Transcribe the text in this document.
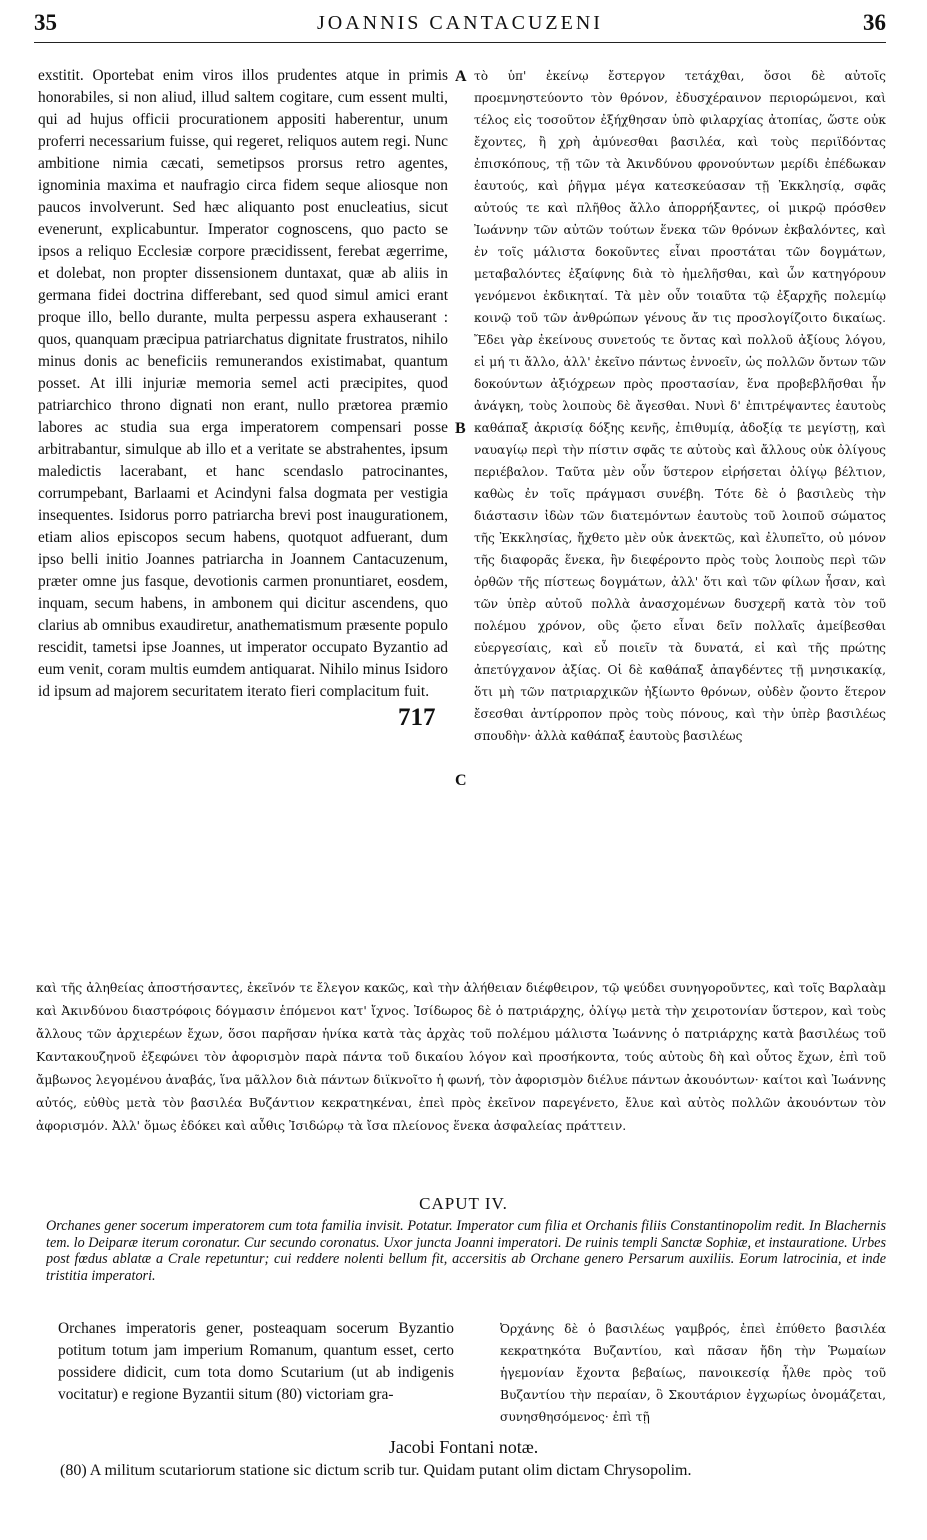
35	JOANNIS CANTACUZENI	36
exstitit. Oportebat enim viros illos prudentes atque in primis honorabiles, si non aliud, illud saltem cogitare, cum essent multi, qui ad hujus officii procurationem appositi haberentur, unum proferri necessarium fuisse, qui regeret, reliquos autem regi. Nunc ambitione nimia cæcati, semetipsos prorsus retro agentes, ignominia maxima et naufragio circa fidem seque aliosque non paucos involverunt. Sed hæc aliquanto post enucleatius, sicut evenerunt, explicabuntur. Imperator cognoscens, quo pacto se ipsos a reliquo Ecclesiæ corpore præcidissent, ferebat ægerrime, et dolebat, non propter dissensionem duntaxat, quæ ab aliis in germana fidei doctrina differebant, sed quod simul amici erant proque illo, bello durante, multa perpessu aspera exhauserant : quos, quanquam præcipua patriarchatus dignitate frustratos, nihilo minus donis ac beneficiis remunerandos existimabat, quantum posset. At illi injuriæ memoria semel acti præcipites, quod patriarchico throno dignati non erant, nullo prætorea præmio labores ac studia sua erga imperatorem compensari posse arbitrabantur, simulque ab illo et a veritate se abstrahentes, ipsum maledictis lacerabant, et hanc scendaslo patrocinantes, corrumpebant, Barlaami et Acindyni falsa dogmata per vestigia insequentes. Isidorus porro patriarcha brevi post inaugurationem, etiam alios episcopos secum habens, quotquot adfuerant, dum ipso belli initio Joannes patriarcha in Joannem Cantacuzenum, præter omne jus fasque, devotionis carmen pronuntiaret, eosdem, inquam, secum habens, in ambonem qui dicitur ascendens, quo clarius ab omnibus exaudiretur, anathematismum præsente populo rescidit, tametsi ipse Joannes, ut imperator occupato Byzantio ad eum venit, coram multis eumdem antiquarat. Nihilo minus Isidoro id ipsum ad majorem securitatem iterato fieri complacitum fuit.
A
B
C
717
τὸ ὑπ' ἐκείνῳ ἔστεργον τετάχθαι, ὅσοι δὲ αὐτοῖς προεμνηστεύοντο τὸν θρόνον, ἐδυσχέραινον περιορώμενοι, καὶ τέλος εἰς τοσοῦτον ἐξήχθησαν ὑπὸ φιλαρχίας ἀτοπίας, ὥστε οὐκ ἔχοντες, ἢ χρὴ ἀμύνεσθαι βασιλέα, καὶ τοὺς περιϊδόντας ἐπισκόπους, τῇ τῶν τὰ Ἀκινδύνου φρονούντων μερίδι ἐπέδωκαν ἑαυτούς, καὶ ῥῆγμα μέγα κατεσκεύασαν τῇ Ἐκκλησίᾳ, σφᾶς αὐτούς τε καὶ πλῆθος ἄλλο ἀπορρήξαντες, οἱ μικρῷ πρόσθεν Ἰωάννην τῶν αὐτῶν τούτων ἕνεκα τῶν θρόνων ἐκβαλόντες, καὶ ἐν τοῖς μάλιστα δοκοῦντες εἶναι προστάται τῶν δογμάτων, μεταβαλόντες ἐξαίφνης διὰ τὸ ἠμελῆσθαι, καὶ ὧν κατηγόρουν γενόμενοι ἐκδικηταί. Τὰ μὲν οὖν τοιαῦτα τῷ ἐξαρχῆς πολεμίῳ κοινῷ τοῦ τῶν ἀνθρώπων γένους ἄν τις προσλογίζοιτο δικαίως. Ἔδει γὰρ ἐκείνους συνετούς τε ὄντας καὶ πολλοῦ ἀξίους λόγου, εἰ μή τι ἄλλο, ἀλλ' ἐκεῖνο πάντως ἐννοεῖν, ὡς πολλῶν ὄντων τῶν δοκούντων ἀξιόχρεων πρὸς προστασίαν, ἕνα προβεβλῆσθαι ἦν ἀνάγκη, τοὺς λοιποὺς δὲ ἄγεσθαι. Νυνὶ δ' ἐπιτρέψαντες ἑαυτοὺς καθάπαξ ἀκρισίᾳ δόξης κενῆς, ἐπιθυμίᾳ, ἀδοξίᾳ τε μεγίστῃ, καὶ ναυαγίῳ περὶ τὴν πίστιν σφᾶς τε αὐτοὺς καὶ ἄλλους οὐκ ὀλίγους περιέβαλον. Ταῦτα μὲν οὖν ὕστερον εἰρήσεται ὀλίγῳ βέλτιον, καθὼς ἐν τοῖς πράγμασι συνέβη. Τότε δὲ ὁ βασιλεὺς τὴν διάστασιν ἰδὼν τῶν διατεμόντων ἑαυτοὺς τοῦ λοιποῦ σώματος τῆς Ἐκκλησίας, ἤχθετο μὲν οὐκ ἀνεκτῶς, καὶ ἐλυπεῖτο, οὐ μόνον τῆς διαφορᾶς ἕνεκα, ἣν διεφέροντο πρὸς τοὺς λοιποὺς περὶ τῶν ὀρθῶν τῆς πίστεως δογμάτων, ἀλλ' ὅτι καὶ τῶν φίλων ἦσαν, καὶ τῶν ὑπὲρ αὐτοῦ πολλὰ ἀνασχομένων δυσχερῆ κατὰ τὸν τοῦ πολέμου χρόνον, οὓς ᾤετο εἶναι δεῖν πολλαῖς ἀμείβεσθαι εὐεργεσίαις, καὶ εὖ ποιεῖν τὰ δυνατά, εἰ καὶ τῆς πρώτης ἀπετύγχανον ἀξίας. Οἱ δὲ καθάπαξ ἀπαγδέντες τῇ μνησικακίᾳ, ὅτι μὴ τῶν πατριαρχικῶν ἠξίωντο θρόνων, οὐδὲν ᾤοντο ἕτερον ἔσεσθαι ἀντίρροπον πρὸς τοὺς πόνους, καὶ τὴν ὑπὲρ βασιλέως σπουδὴν· ἀλλὰ καθάπαξ ἑαυτοὺς βασιλέως
καὶ τῆς ἀληθείας ἀποστήσαντες, ἐκεῖνόν τε ἔλεγον κακῶς, καὶ τὴν ἀλήθειαν διέφθειρον, τῷ ψεύδει συνηγοροῦντες, καὶ τοῖς Βαρλαὰμ καὶ Ἀκινδύνου διαστρόφοις δόγμασιν ἑπόμενοι κατ' ἴχνος. Ἰσίδωρος δὲ ὁ πατριάρχης, ὀλίγῳ μετὰ τὴν χειροτονίαν ὕστερον, καὶ τοὺς ἄλλους τῶν ἀρχιερέων ἔχων, ὅσοι παρῆσαν ἡνίκα κατὰ τὰς ἀρχὰς τοῦ πολέμου μάλιστα Ἰωάννης ὁ πατριάρχης κατὰ βασιλέως τοῦ Καντακουζηνοῦ ἐξεφώνει τὸν ἀφορισμὸν παρὰ πάντα τοῦ δικαίου λόγον καὶ προσήκοντα, τούς αὐτοὺς δὴ καὶ οὗτος ἔχων, ἐπὶ τοῦ ἄμβωνος λεγομένου ἀναβάς, ἵνα μᾶλλον διὰ πάντων διϊκνοῖτο ἡ φωνή, τὸν ἀφορισμὸν διέλυε πάντων ἀκουόντων· καίτοι καὶ Ἰωάννης αὐτός, εὐθὺς μετὰ τὸν βασιλέα Βυζάντιον κεκρατηκέναι, ἐπεὶ πρὸς ἐκεῖνον παρεγένετο, ἔλυε καὶ αὐτὸς πολλῶν ἀκουόντων τὸν ἀφορισμόν. Ἀλλ' ὅμως ἐδόκει καὶ αὖθις Ἰσιδώρῳ τὰ ἴσα πλείονος ἕνεκα ἀσφαλείας πράττειν.
CAPUT IV.
Orchanes gener socerum imperatorem cum tota familia invisit. Potatur. Imperator cum filia et Orchanis filiis Constantinopolim redit. In Blachernis tem. lo Deiparæ iterum coronatur. Cur secundo coronatus. Uxor juncta Joanni imperatori. De ruinis templi Sanctæ Sophiæ, et instauratione. Urbes post fœdus ablatæ a Crale repetuntur; cui reddere nolenti bellum fit, accersitis ab Orchane genero Persarum auxiliis. Eorum latrocinia, et inde tristitia imperatori.
Orchanes imperatoris gener, posteaquam socerum Byzantio potitum totum jam imperium Romanum, quantum esset, certo possidere didicit, cum tota domo Scutarium (ut ab indigenis vocitatur) e regione Byzantii situm (80) victoriam gra-
Ὀρχάνης δὲ ὁ βασιλέως γαμβρός, ἐπεὶ ἐπύθετο βασιλέα κεκρατηκότα Βυζαντίου, καὶ πᾶσαν ἤδη τὴν Ῥωμαίων ἡγεμονίαν ἔχοντα βεβαίως, πανοικεσίᾳ ἦλθε πρὸς τοῦ Βυζαντίου τὴν περαίαν, ὃ Σκουτάριον ἐγχωρίως ὀνομάζεται, συνησθησόμενος· ἐπὶ τῇ
Jacobi Fontani notæ.
(80) A militum scutariorum statione sic dictum scrib tur. Quidam putant olim dictam Chrysopolim.
